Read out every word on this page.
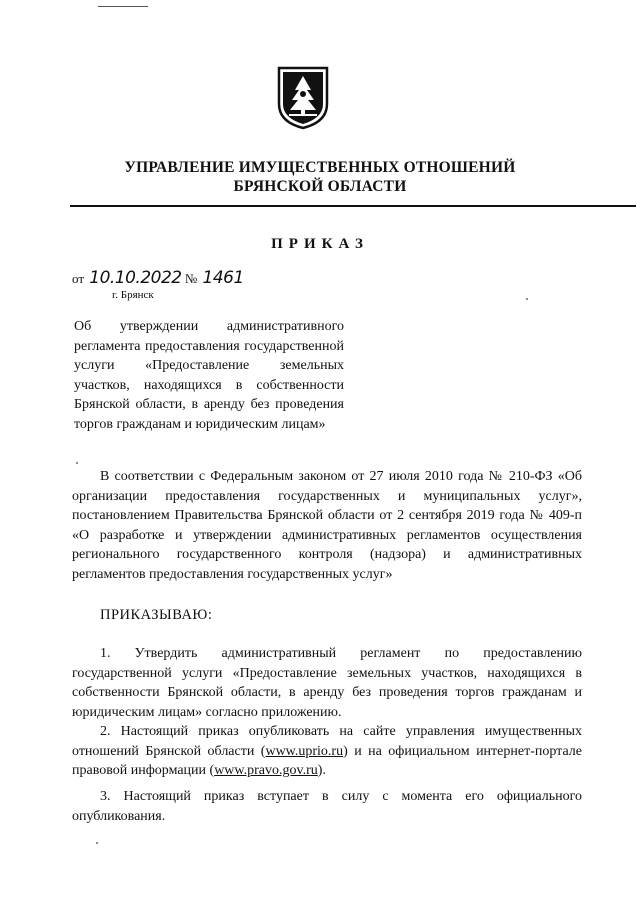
УПРАВЛЕНИЕ ИМУЩЕСТВЕННЫХ ОТНОШЕНИЙ
БРЯНСКОЙ ОБЛАСТИ
ПРИКАЗ
от 10.10.2022 № 1461
г. Брянск
Об утверждении административного регламента предоставления государственной услуги «Предоставление земельных участков, находящихся в собственности Брянской области, в аренду без проведения торгов гражданам и юридическим лицам»
В соответствии с Федеральным законом от 27 июля 2010 года № 210-ФЗ «Об организации предоставления государственных и муниципальных услуг», постановлением Правительства Брянской области от 2 сентября 2019 года № 409-п «О разработке и утверждении административных регламентов осуществления регионального государственного контроля (надзора) и административных регламентов предоставления государственных услуг»
ПРИКАЗЫВАЮ:
1. Утвердить административный регламент по предоставлению государственной услуги «Предоставление земельных участков, находящихся в собственности Брянской области, в аренду без проведения торгов гражданам и юридическим лицам» согласно приложению.
2. Настоящий приказ опубликовать на сайте управления имущественных отношений Брянской области (www.uprio.ru) и на официальном интернет-портале правовой информации (www.pravo.gov.ru).
3. Настоящий приказ вступает в силу с момента его официального опубликования.
